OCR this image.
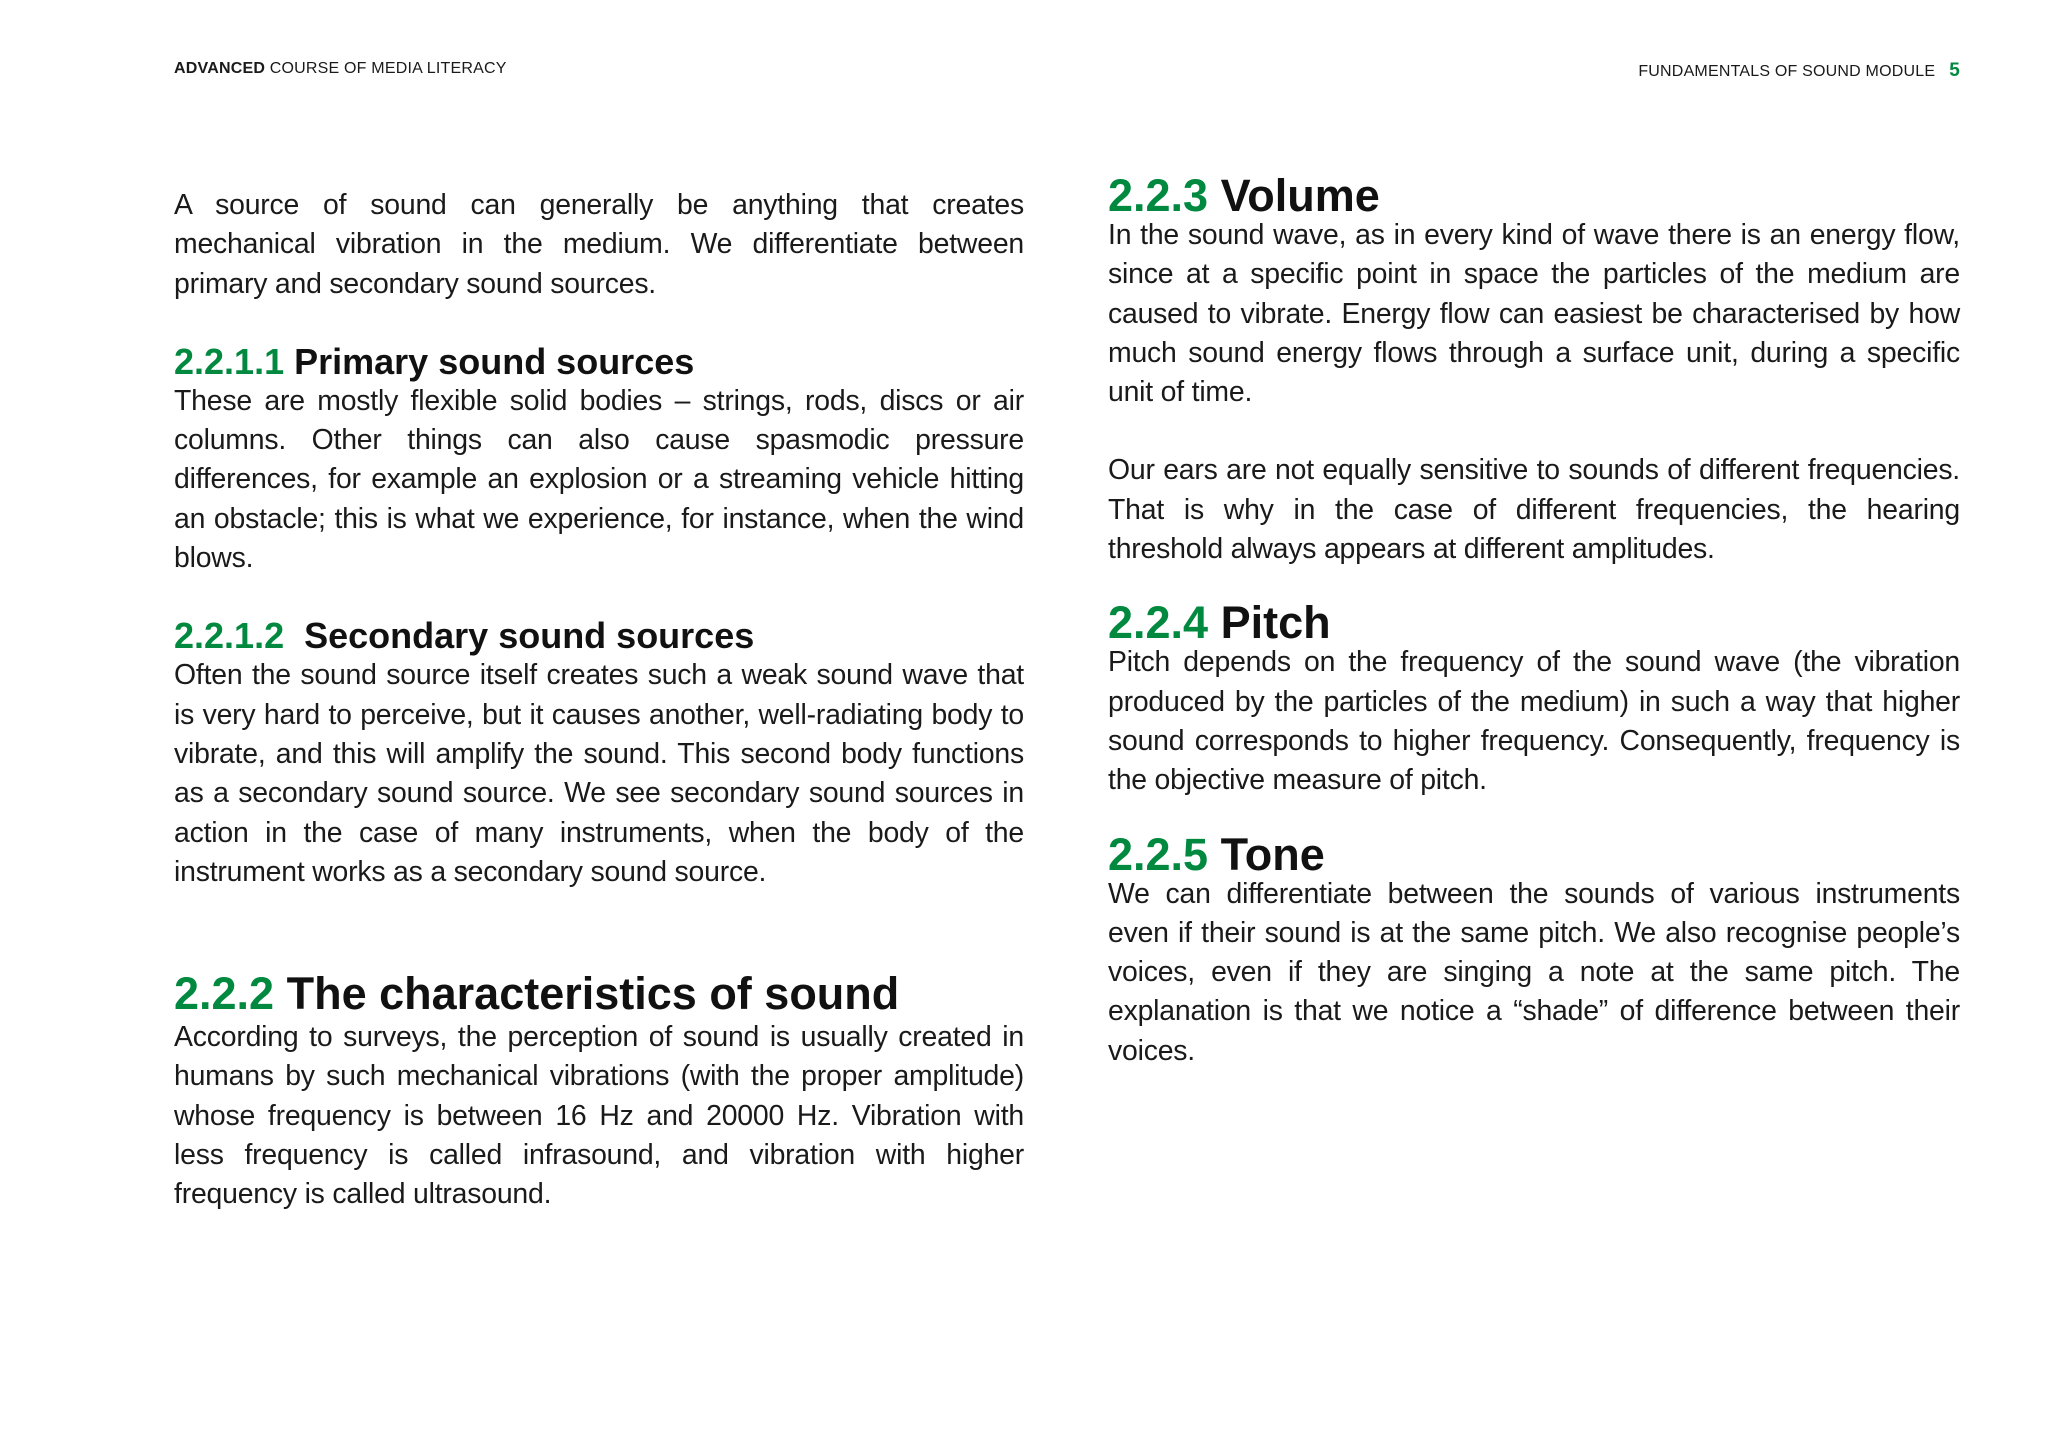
ADVANCED COURSE OF MEDIA LITERACY	FUNDAMENTALS OF SOUND MODULE 5

A source of sound can generally be anything that creates mechanical vibration in the medium. We differentiate between primary and secondary sound sources.

2.2.1.1 Primary sound sources

These are mostly flexible solid bodies – strings, rods, discs or air columns. Other things can also cause spasmodic pressure differences, for example an explosion or a streaming vehicle hitting an obstacle; this is what we experience, for instance, when the wind blows.

2.2.1.2 Secondary sound sources

Often the sound source itself creates such a weak sound wave that is very hard to perceive, but it causes another, well-radiating body to vibrate, and this will amplify the sound. This second body functions as a secondary sound source. We see secondary sound sources in action in the case of many instruments, when the body of the instrument works as a secondary sound source.

2.2.2 The characteristics of sound

According to surveys, the perception of sound is usually created in humans by such mechanical vibrations (with the proper amplitude) whose frequency is between 16 Hz and 20000 Hz. Vibration with less frequency is called infrasound, and vibration with higher frequency is called ultrasound.

2.2.3 Volume

In the sound wave, as in every kind of wave there is an energy flow, since at a specific point in space the particles of the medium are caused to vibrate. Energy flow can easiest be characterised by how much sound energy flows through a surface unit, during a specific unit of time.

Our ears are not equally sensitive to sounds of different frequencies. That is why in the case of different frequencies, the hearing threshold always appears at different amplitudes.

2.2.4 Pitch

Pitch depends on the frequency of the sound wave (the vibration produced by the particles of the medium) in such a way that higher sound corresponds to higher frequency. Consequently, frequency is the objective measure of pitch.

2.2.5 Tone

We can differentiate between the sounds of various instruments even if their sound is at the same pitch. We also recognise people’s voices, even if they are singing a note at the same pitch. The explanation is that we notice a “shade” of difference between their voices.
